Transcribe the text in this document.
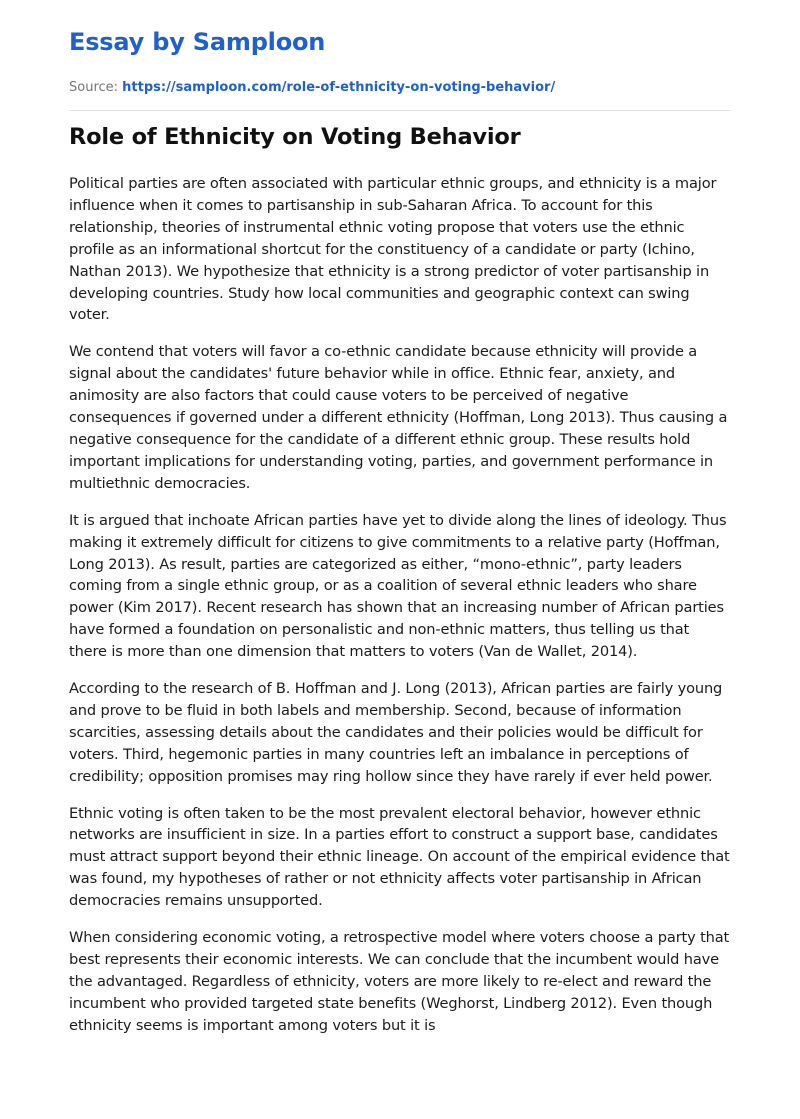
Essay by Samploon
Source: https://samploon.com/role-of-ethnicity-on-voting-behavior/
Role of Ethnicity on Voting Behavior

Political parties are often associated with particular ethnic groups, and ethnicity is a major influence when it comes to partisanship in sub-Saharan Africa. To account for this relationship, theories of instrumental ethnic voting propose that voters use the ethnic profile as an informational shortcut for the constituency of a candidate or party (Ichino, Nathan 2013). We hypothesize that ethnicity is a strong predictor of voter partisanship in developing countries. Study how local communities and geographic context can swing voter.

We contend that voters will favor a co-ethnic candidate because ethnicity will provide a signal about the candidates' future behavior while in office. Ethnic fear, anxiety, and animosity are also factors that could cause voters to be perceived of negative consequences if governed under a different ethnicity (Hoffman, Long 2013). Thus causing a negative consequence for the candidate of a different ethnic group. These results hold important implications for understanding voting, parties, and government performance in multiethnic democracies.

It is argued that inchoate African parties have yet to divide along the lines of ideology. Thus making it extremely difficult for citizens to give commitments to a relative party (Hoffman, Long 2013). As result, parties are categorized as either, “mono-ethnic”, party leaders coming from a single ethnic group, or as a coalition of several ethnic leaders who share power (Kim 2017). Recent research has shown that an increasing number of African parties have formed a foundation on personalistic and non-ethnic matters, thus telling us that there is more than one dimension that matters to voters (Van de Wallet, 2014).

According to the research of B. Hoffman and J. Long (2013), African parties are fairly young and prove to be fluid in both labels and membership. Second, because of information scarcities, assessing details about the candidates and their policies would be difficult for voters. Third, hegemonic parties in many countries left an imbalance in perceptions of credibility; opposition promises may ring hollow since they have rarely if ever held power.

Ethnic voting is often taken to be the most prevalent electoral behavior, however ethnic networks are insufficient in size. In a parties effort to construct a support base, candidates must attract support beyond their ethnic lineage. On account of the empirical evidence that was found, my hypotheses of rather or not ethnicity affects voter partisanship in African democracies remains unsupported.

When considering economic voting, a retrospective model where voters choose a party that best represents their economic interests. We can conclude that the incumbent would have the advantaged. Regardless of ethnicity, voters are more likely to re-elect and reward the incumbent who provided targeted state benefits (Weghorst, Lindberg 2012). Even though ethnicity seems is important among voters but it is
